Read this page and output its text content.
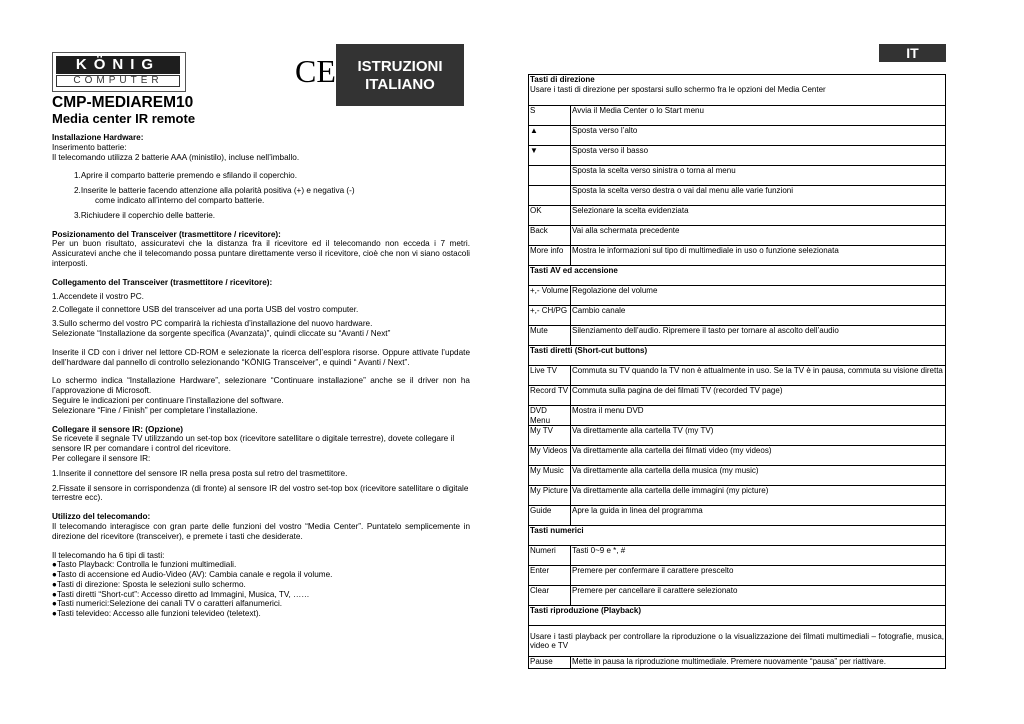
KÖNIG
COMPUTER	CE	ISTRUZIONI
ITALIANO
CMP-MEDIAREM10
Media center IR remote

Installazione Hardware:

Inserimento batterie:

Il telecomando utilizza 2 batterie AAA (ministilo), incluse nell’imballo.

1.Aprire il comparto batterie premendo e sfilando il coperchio.

2.Inserite le batterie facendo attenzione alla polarità positiva (+) e negativa (-)

come indicato all’interno del comparto batterie.

3.Richiudere il coperchio delle batterie.

Posizionamento del Transceiver (trasmettitore / ricevitore):

Per un buon risultato, assicuratevi che la distanza fra il ricevitore ed il telecomando non ecceda i 7 metri. Assicuratevi anche che il telecomando possa puntare direttamente verso il ricevitore, cioè che non vi siano ostacoli interposti.

Collegamento del Transceiver (trasmettitore / ricevitore):

1.Accendete il vostro PC.

2.Collegate il connettore USB del transceiver ad una porta USB del vostro computer.

3.Sullo schermo del vostro PC comparirà la richiesta d’installazione del nuovo hardware.

Selezionate “Installazione da sorgente specifica (Avanzata)”, quindi cliccate su “Avanti / Next”

Inserite il CD con i driver nel lettore CD-ROM e selezionate la ricerca dell’esplora risorse. Oppure attivate l’update dell’hardware dal pannello di controllo selezionando “KÖNIG Transceiver”, e quindi “ Avanti / Next”.

Lo schermo indica “Installazione Hardware”, selezionare “Continuare installazione” anche se il driver non ha l’approvazione di Microsoft.

Seguire le indicazioni per continuare l’installazione del software.

Selezionare “Fine / Finish” per completare l’installazione.

Collegare il sensore IR: (Opzione)

Se ricevete il segnale TV utilizzando un set-top box (ricevitore satellitare o digitale terrestre), dovete collegare il sensore IR per comandare i control del ricevitore.

Per collegare il sensore IR:

1.Inserite il connettore del sensore IR nella presa posta sul retro del trasmettitore.

2.Fissate il sensore in corrispondenza (di fronte) al sensore IR del vostro set-top box (ricevitore satellitare o digitale terrestre ecc).

Utilizzo del telecomando:

Il telecomando interagisce con gran parte delle funzioni del vostro “Media Center”. Puntatelo semplicemente in direzione del ricevitore (transceiver), e premete i tasti che desiderate.

Il telecomando ha 6 tipi di tasti:

●Tasto Playback: Controlla le funzioni multimediali.

●Tasto di accensione ed Audio-Video (AV): Cambia canale e regola il volume.

●Tasti di direzione: Sposta le selezioni sullo schermo.

●Tasti diretti “Short-cut”: Accesso diretto ad Immagini, Musica, TV, ……

●Tasti numerici:Selezione dei canali TV o caratteri alfanumerici.

●Tasti televideo: Accesso alle funzioni televideo (teletext).

IT
Tasti di direzione
Usare i tasti di direzione per spostarsi sullo schermo fra le opzioni del Media Center	

S	Avvia il Media Center o lo Start menu
▲	Sposta verso l’alto
▼	Sposta verso il basso
	Sposta la scelta verso sinistra o torna al menu
	Sposta la scelta verso destra o vai dal menu alle varie funzioni
OK	Selezionare la scelta evidenziata
Back	Vai alla schermata precedente
More info	Mostra le informazioni sul tipo di multimediale in uso o funzione selezionata
Tasti AV ed accensione	
+,- Volume	Regolazione del volume
+,- CH/PG	Cambio canale
Mute	Silenziamento dell’audio. Ripremere il tasto per tornare al ascolto dell’audio
Tasti diretti (Short-cut buttons)	
Live TV	Commuta su TV quando la TV non è attualmente in uso. Se la TV è in pausa, commuta su visione diretta
Record TV	Commuta sulla pagina de dei filmati TV (recorded TV page)
DVD Menu	Mostra il menu DVD
My TV	Va direttamente alla cartella TV (my TV)
My Videos	Va direttamente alla cartella dei filmati video (my videos)
My Music	Va direttamente alla cartella della musica (my music)
My Picture	Va direttamente alla cartella delle immagini (my picture)
Guide	Apre la guida in linea del programma
Tasti numerici	
Numeri	Tasti 0~9 e *, #
Enter	Premere per confermare il carattere prescelto
Clear	Premere per cancellare il carattere selezionato
Tasti riproduzione (Playback)	
Usare i tasti playback per controllare la riproduzione o la visualizzazione dei filmati multimediali – fotografie, musica, video e TV	
Pause	Mette in pausa la riproduzione multimediale. Premere nuovamente “pausa” per riattivare.
